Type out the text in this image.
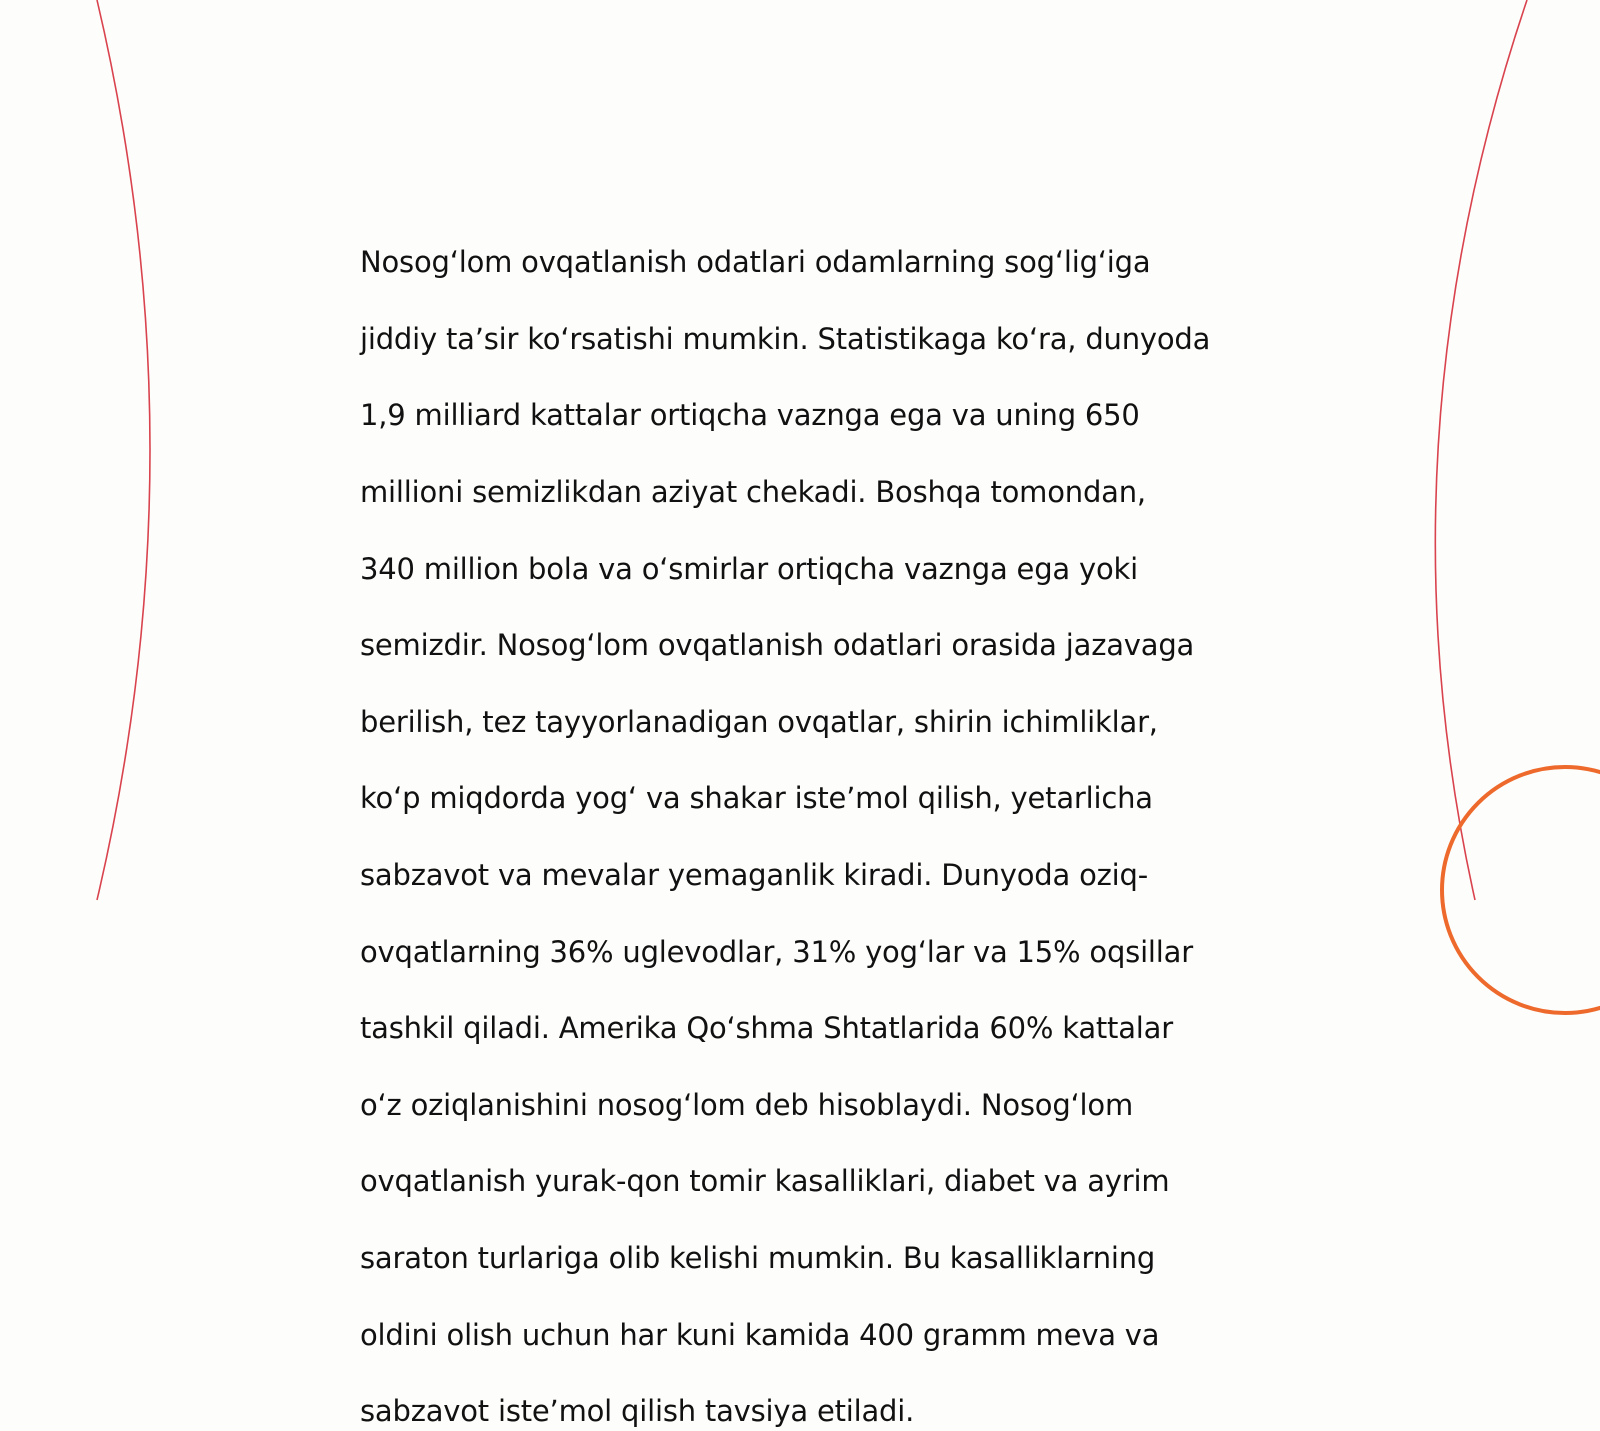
Nosog‘lom ovqatlanish odatlari odamlarning sog‘lig‘iga

jiddiy ta’sir ko‘rsatishi mumkin. Statistikaga ko‘ra, dunyoda

1,9 milliard kattalar ortiqcha vaznga ega va uning 650

millioni semizlikdan aziyat chekadi. Boshqa tomondan,

340 million bola va o‘smirlar ortiqcha vaznga ega yoki

semizdir. Nosog‘lom ovqatlanish odatlari orasida jazavaga

berilish, tez tayyorlanadigan ovqatlar, shirin ichimliklar,

ko‘p miqdorda yog‘ va shakar iste’mol qilish, yetarlicha

sabzavot va mevalar yemaganlik kiradi. Dunyoda oziq-

ovqatlarning 36% uglevodlar, 31% yog‘lar va 15% oqsillar

tashkil qiladi. Amerika Qo‘shma Shtatlarida 60% kattalar

o‘z oziqlanishini nosog‘lom deb hisoblaydi. Nosog‘lom

ovqatlanish yurak-qon tomir kasalliklari, diabet va ayrim

saraton turlariga olib kelishi mumkin. Bu kasalliklarning

oldini olish uchun har kuni kamida 400 gramm meva va

sabzavot iste’mol qilish tavsiya etiladi.
